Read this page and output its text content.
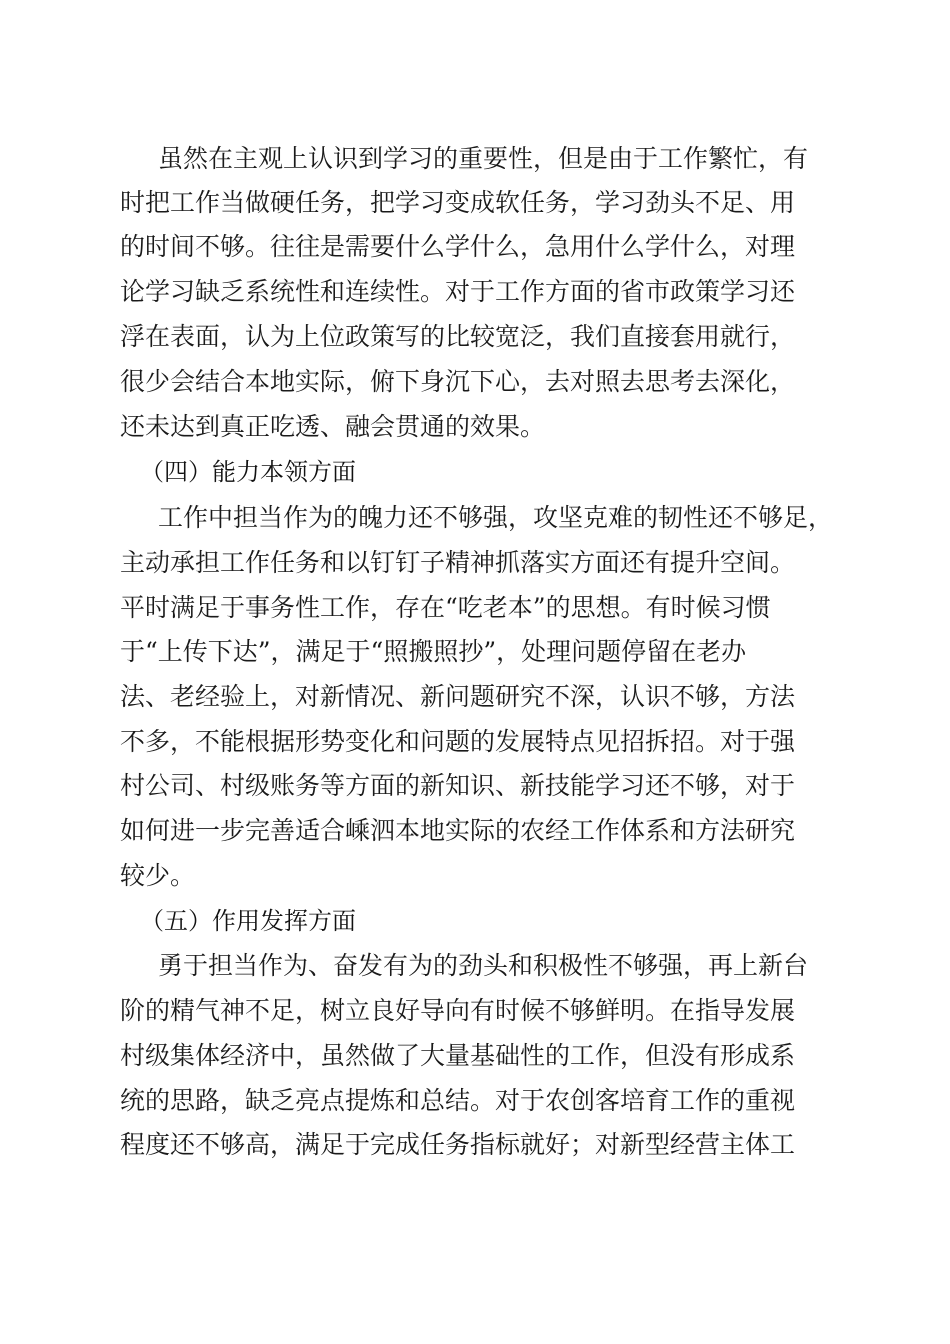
虽然在主观上认识到学习的重要性，但是由于工作繁忙，有
时把工作当做硬任务，把学习变成软任务，学习劲头不足、用
的时间不够。往往是需要什么学什么，急用什么学什么，对理
论学习缺乏系统性和连续性。对于工作方面的省市政策学习还
浮在表面，认为上位政策写的比较宽泛，我们直接套用就行，
很少会结合本地实际，俯下身沉下心，去对照去思考去深化，
还未达到真正吃透、融会贯通的效果。
（四）能力本领方面
工作中担当作为的魄力还不够强，攻坚克难的韧性还不够足，
主动承担工作任务和以钉钉子精神抓落实方面还有提升空间。
平时满足于事务性工作，存在“吃老本”的思想。有时候习惯
于“上传下达”，满足于“照搬照抄”，处理问题停留在老办
法、老经验上，对新情况、新问题研究不深，认识不够，方法
不多，不能根据形势变化和问题的发展特点见招拆招。对于强
村公司、村级账务等方面的新知识、新技能学习还不够，对于
如何进一步完善适合嵊泗本地实际的农经工作体系和方法研究
较少。
（五）作用发挥方面
勇于担当作为、奋发有为的劲头和积极性不够强，再上新台
阶的精气神不足，树立良好导向有时候不够鲜明。在指导发展
村级集体经济中，虽然做了大量基础性的工作，但没有形成系
统的思路，缺乏亮点提炼和总结。对于农创客培育工作的重视
程度还不够高，满足于完成任务指标就好；对新型经营主体工
